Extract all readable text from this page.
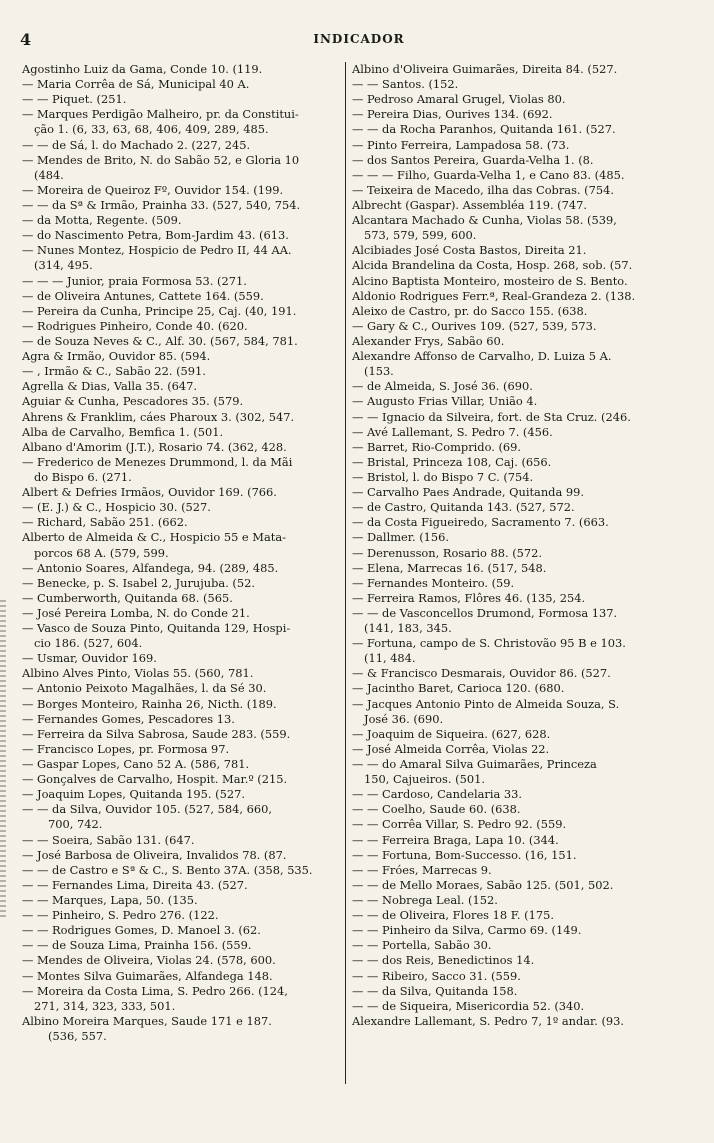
4	INDICADOR
Agostinho Luiz da Gama, Conde 10. (119.
— Maria Corrêa de Sá, Municipal 40 A.
— — Piquet. (251.
— Marques Perdigão Malheiro, pr. da Constitui-
ção 1. (6, 33, 63, 68, 406, 409, 289, 485.
— — de Sá, l. do Machado 2. (227, 245.
— Mendes de Brito, N. do Sabão 52, e Gloria 10
(484.
— Moreira de Queiroz Fº, Ouvidor 154. (199.
— — da Sª & Irmão, Prainha 33. (527, 540, 754.
— da Motta, Regente. (509.
— do Nascimento Petra, Bom-Jardim 43. (613.
— Nunes Montez, Hospicio de Pedro II, 44 AA.
(314, 495.
— — — Junior, praia Formosa 53. (271.
— de Oliveira Antunes, Cattete 164. (559.
— Pereira da Cunha, Principe 25, Caj. (40, 191.
— Rodrigues Pinheiro, Conde 40. (620.
— de Souza Neves & C., Alf. 30. (567, 584, 781.
Agra & Irmão, Ouvidor 85. (594.
— , Irmão & C., Sabão 22. (591.
Agrella & Dias, Valla 35. (647.
Aguiar & Cunha, Pescadores 35. (579.
Ahrens & Franklim, cáes Pharoux 3. (302, 547.
Alba de Carvalho, Bemfica 1. (501.
Albano d'Amorim (J.T.), Rosario 74. (362, 428.
— Frederico de Menezes Drummond, l. da Mãi
do Bispo 6. (271.
Albert & Defries Irmãos, Ouvidor 169. (766.
— (E. J.) & C., Hospicio 30. (527.
— Richard, Sabão 251. (662.
Alberto de Almeida & C., Hospicio 55 e Mata-
porcos 68 A. (579, 599.
— Antonio Soares, Alfandega, 94. (289, 485.
— Benecke, p. S. Isabel 2, Jurujuba. (52.
— Cumberworth, Quitanda 68. (565.
— José Pereira Lomba, N. do Conde 21.
— Vasco de Souza Pinto, Quitanda 129, Hospi-
cio 186. (527, 604.
— Usmar, Ouvidor 169.
Albino Alves Pinto, Violas 55. (560, 781.
— Antonio Peixoto Magalhães, l. da Sé 30.
— Borges Monteiro, Rainha 26, Nicth. (189.
— Fernandes Gomes, Pescadores 13.
— Ferreira da Silva Sabrosa, Saude 283. (559.
— Francisco Lopes, pr. Formosa 97.
— Gaspar Lopes, Cano 52 A. (586, 781.
— Gonçalves de Carvalho, Hospit. Mar.º (215.
— Joaquim Lopes, Quitanda 195. (527.
— — da Silva, Ouvidor 105. (527, 584, 660,
700, 742.
— — Soeira, Sabão 131. (647.
— José Barbosa de Oliveira, Invalidos 78. (87.
— — de Castro e Sª & C., S. Bento 37A. (358, 535.
— — Fernandes Lima, Direita 43. (527.
— — Marques, Lapa, 50. (135.
— — Pinheiro, S. Pedro 276. (122.
— — Rodrigues Gomes, D. Manoel 3. (62.
— — de Souza Lima, Prainha 156. (559.
— Mendes de Oliveira, Violas 24. (578, 600.
— Montes Silva Guimarães, Alfandega 148.
— Moreira da Costa Lima, S. Pedro 266. (124,
271, 314, 323, 333, 501.
Albino Moreira Marques, Saude 171 e 187.
(536, 557.
Albino d'Oliveira Guimarães, Direita 84. (527.
— — Santos. (152.
— Pedroso Amaral Grugel, Violas 80.
— Pereira Dias, Ourives 134. (692.
— — da Rocha Paranhos, Quitanda 161. (527.
— Pinto Ferreira, Lampadosa 58. (73.
— dos Santos Pereira, Guarda-Velha 1. (8.
— — — Filho, Guarda-Velha 1, e Cano 83. (485.
— Teixeira de Macedo, ilha das Cobras. (754.
Albrecht (Gaspar). Assembléa 119. (747.
Alcantara Machado & Cunha, Violas 58. (539,
573, 579, 599, 600.
Alcibiades José Costa Bastos, Direita 21.
Alcida Brandelina da Costa, Hosp. 268, sob. (57.
Alcino Baptista Monteiro, mosteiro de S. Bento.
Aldonio Rodrigues Ferr.ª, Real-Grandeza 2. (138.
Aleixo de Castro, pr. do Sacco 155. (638.
— Gary & C., Ourives 109. (527, 539, 573.
Alexander Frys, Sabão 60.
Alexandre Affonso de Carvalho, D. Luiza 5 A.
(153.
— de Almeida, S. José 36. (690.
— Augusto Frias Villar, União 4.
— — Ignacio da Silveira, fort. de Sta Cruz. (246.
— Avé Lallemant, S. Pedro 7. (456.
— Barret, Rio-Comprido. (69.
— Bristal, Princeza 108, Caj. (656.
— Bristol, l. do Bispo 7 C. (754.
— Carvalho Paes Andrade, Quitanda 99.
— de Castro, Quitanda 143. (527, 572.
— da Costa Figueiredo, Sacramento 7. (663.
— Dallmer. (156.
— Derenusson, Rosario 88. (572.
— Elena, Marrecas 16. (517, 548.
— Fernandes Monteiro. (59.
— Ferreira Ramos, Flôres 46. (135, 254.
— — de Vasconcellos Drumond, Formosa 137.
(141, 183, 345.
— Fortuna, campo de S. Christovão 95 B e 103.
(11, 484.
— & Francisco Desmarais, Ouvidor 86. (527.
— Jacintho Baret, Carioca 120. (680.
— Jacques Antonio Pinto de Almeida Souza, S.
José 36. (690.
— Joaquim de Siqueira. (627, 628.
— José Almeida Corrêa, Violas 22.
— — do Amaral Silva Guimarães, Princeza
150, Cajueiros. (501.
— — Cardoso, Candelaria 33.
— — Coelho, Saude 60. (638.
— — Corrêa Villar, S. Pedro 92. (559.
— — Ferreira Braga, Lapa 10. (344.
— — Fortuna, Bom-Successo. (16, 151.
— — Fróes, Marrecas 9.
— — de Mello Moraes, Sabão 125. (501, 502.
— — Nobrega Leal. (152.
— — de Oliveira, Flores 18 F. (175.
— — Pinheiro da Silva, Carmo 69. (149.
— — Portella, Sabão 30.
— — dos Reis, Benedictinos 14.
— — Ribeiro, Sacco 31. (559.
— — da Silva, Quitanda 158.
— — de Siqueira, Misericordia 52. (340.
Alexandre Lallemant, S. Pedro 7, 1º andar. (93.
